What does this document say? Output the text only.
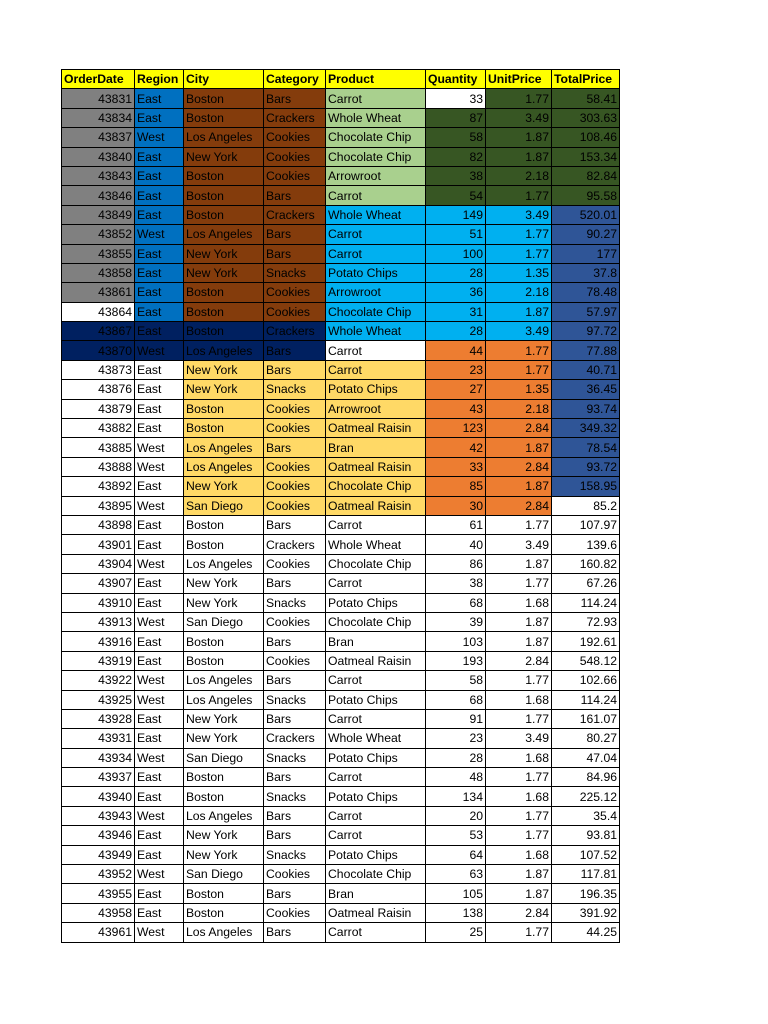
OrderDate	Region	City	Category	Product	Quantity	UnitPrice	TotalPrice
43831	East	Boston	Bars	Carrot	33	1.77	58.41
43834	East	Boston	Crackers	Whole Wheat	87	3.49	303.63
43837	West	Los Angeles	Cookies	Chocolate Chip	58	1.87	108.46
43840	East	New York	Cookies	Chocolate Chip	82	1.87	153.34
43843	East	Boston	Cookies	Arrowroot	38	2.18	82.84
43846	East	Boston	Bars	Carrot	54	1.77	95.58
43849	East	Boston	Crackers	Whole Wheat	149	3.49	520.01
43852	West	Los Angeles	Bars	Carrot	51	1.77	90.27
43855	East	New York	Bars	Carrot	100	1.77	177
43858	East	New York	Snacks	Potato Chips	28	1.35	37.8
43861	East	Boston	Cookies	Arrowroot	36	2.18	78.48
43864	East	Boston	Cookies	Chocolate Chip	31	1.87	57.97
43867	East	Boston	Crackers	Whole Wheat	28	3.49	97.72
43870	West	Los Angeles	Bars	Carrot	44	1.77	77.88
43873	East	New York	Bars	Carrot	23	1.77	40.71
43876	East	New York	Snacks	Potato Chips	27	1.35	36.45
43879	East	Boston	Cookies	Arrowroot	43	2.18	93.74
43882	East	Boston	Cookies	Oatmeal Raisin	123	2.84	349.32
43885	West	Los Angeles	Bars	Bran	42	1.87	78.54
43888	West	Los Angeles	Cookies	Oatmeal Raisin	33	2.84	93.72
43892	East	New York	Cookies	Chocolate Chip	85	1.87	158.95
43895	West	San Diego	Cookies	Oatmeal Raisin	30	2.84	85.2
43898	East	Boston	Bars	Carrot	61	1.77	107.97
43901	East	Boston	Crackers	Whole Wheat	40	3.49	139.6
43904	West	Los Angeles	Cookies	Chocolate Chip	86	1.87	160.82
43907	East	New York	Bars	Carrot	38	1.77	67.26
43910	East	New York	Snacks	Potato Chips	68	1.68	114.24
43913	West	San Diego	Cookies	Chocolate Chip	39	1.87	72.93
43916	East	Boston	Bars	Bran	103	1.87	192.61
43919	East	Boston	Cookies	Oatmeal Raisin	193	2.84	548.12
43922	West	Los Angeles	Bars	Carrot	58	1.77	102.66
43925	West	Los Angeles	Snacks	Potato Chips	68	1.68	114.24
43928	East	New York	Bars	Carrot	91	1.77	161.07
43931	East	New York	Crackers	Whole Wheat	23	3.49	80.27
43934	West	San Diego	Snacks	Potato Chips	28	1.68	47.04
43937	East	Boston	Bars	Carrot	48	1.77	84.96
43940	East	Boston	Snacks	Potato Chips	134	1.68	225.12
43943	West	Los Angeles	Bars	Carrot	20	1.77	35.4
43946	East	New York	Bars	Carrot	53	1.77	93.81
43949	East	New York	Snacks	Potato Chips	64	1.68	107.52
43952	West	San Diego	Cookies	Chocolate Chip	63	1.87	117.81
43955	East	Boston	Bars	Bran	105	1.87	196.35
43958	East	Boston	Cookies	Oatmeal Raisin	138	2.84	391.92
43961	West	Los Angeles	Bars	Carrot	25	1.77	44.25
